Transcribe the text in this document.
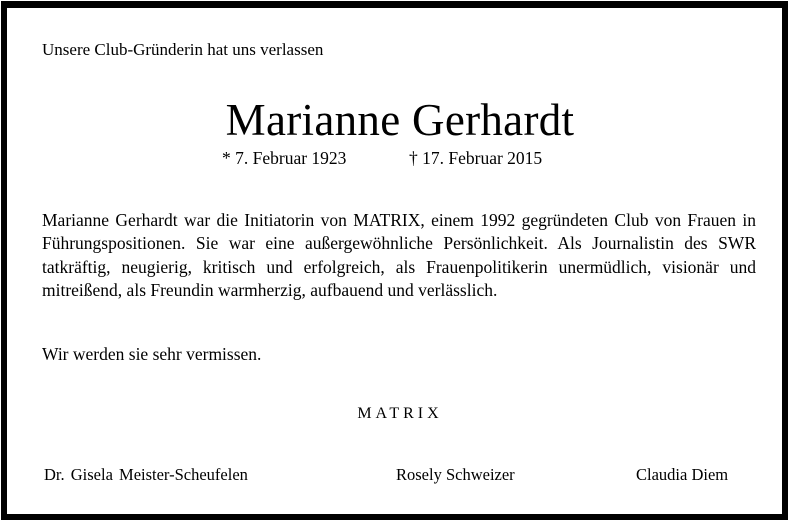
Unsere Club-Gründerin hat uns verlassen
Marianne Gerhardt
* 7. Februar 1923	† 17. Februar 2015

Marianne Gerhardt war die Initiatorin von MATRIX, einem 1992 gegründeten Club von Frauen in Führungspositionen. Sie war eine außergewöhnliche Persönlichkeit. Als Journalistin des SWR tatkräftig, neugierig, kritisch und erfolgreich, als Frauenpolitikerin unermüdlich, visionär und mitreißend, als Freundin warmherzig, aufbauend und verlässlich.

Wir werden sie sehr vermissen.
MATRIX
Dr. Gisela Meister-Scheufelen	Rosely Schweizer	Claudia Diem
